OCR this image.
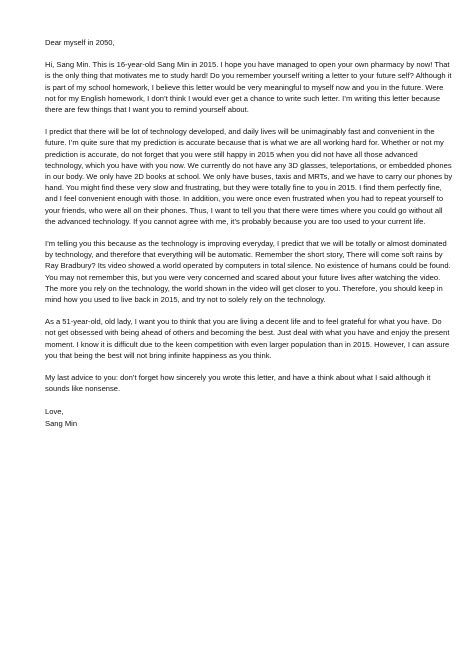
Dear myself in 2050,

Hi, Sang Min. This is 16-year-old Sang Min in 2015. I hope you have managed to open your own pharmacy by now! That is the only thing that motivates me to study hard! Do you remember yourself writing a letter to your future self? Although it is part of my school homework, I believe this letter would be very meaningful to myself now and you in the future. Were not for my English homework, I don’t think I would ever get a chance to write such letter. I’m writing this letter because there are few things that I want you to remind yourself about.

I predict that there will be lot of technology developed, and daily lives will be unimaginably fast and convenient in the future. I’m quite sure that my prediction is accurate because that is what we are all working hard for. Whether or not my prediction is accurate, do not forget that you were still happy in 2015 when you did not have all those advanced technology, which you have with you now. We currently do not have any 3D glasses, teleportations, or embedded phones in our body. We only have 2D books at school. We only have buses, taxis and MRTs, and we have to carry our phones by hand. You might find these very slow and frustrating, but they were totally fine to you in 2015. I find them perfectly fine, and I feel convenient enough with those. In addition, you were once even frustrated when you had to repeat yourself to your friends, who were all on their phones. Thus, I want to tell you that there were times where you could go without all the advanced technology. If you cannot agree with me, it’s probably because you are too used to your current life.

I’m telling you this because as the technology is improving everyday, I predict that we will be totally or almost dominated by technology, and therefore that everything will be automatic. Remember the short story, There will come soft rains by Ray Bradbury? Its video showed a world operated by computers in total silence. No existence of humans could be found. You may not remember this, but you were very concerned and scared about your future lives after watching the video. The more you rely on the technology, the world shown in the video will get closer to you. Therefore, you should keep in mind how you used to live back in 2015, and try not to solely rely on the technology.

As a 51-year-old, old lady, I want you to think that you are living a decent life and to feel grateful for what you have. Do not get obsessed with being ahead of others and becoming the best. Just deal with what you have and enjoy the present moment. I know it is difficult due to the keen competition with even larger population than in 2015. However, I can assure you that being the best will not bring infinite happiness as you think.

My last advice to you: don’t forget how sincerely you wrote this letter, and have a think about what I said although it sounds like nonsense.

Love,

Sang Min
